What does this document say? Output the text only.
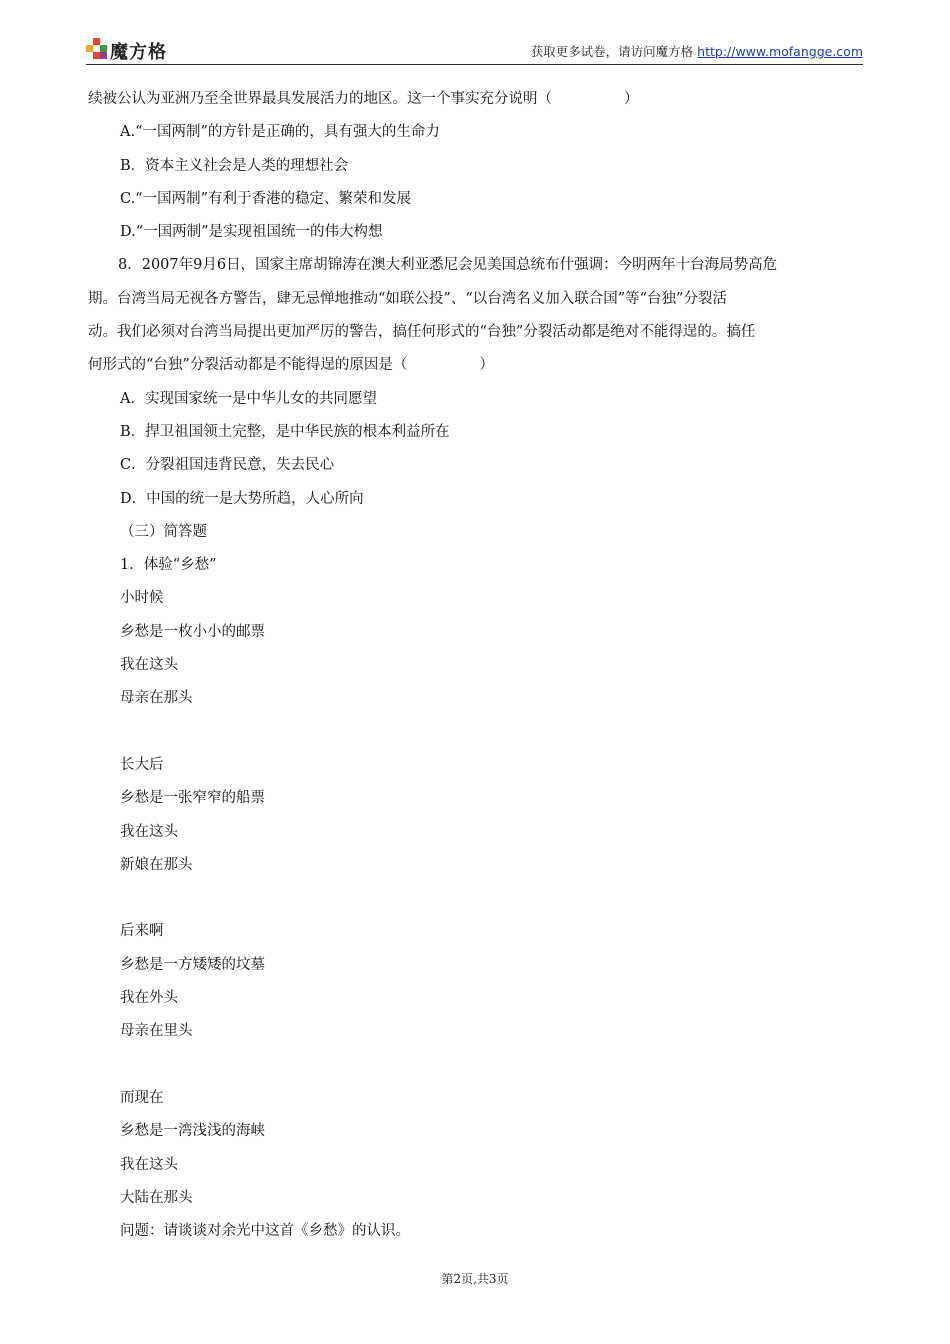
魔方格	获取更多试卷，请访问魔方格 http://www.mofangge.com
续被公认为亚洲乃至全世界最具发展活力的地区。这一个事实充分说明（	）
A.“一国两制”的方针是正确的，具有强大的生命力
B．资本主义社会是人类的理想社会
C.“一国两制”有利于香港的稳定、繁荣和发展
D.“一国两制”是实现祖国统一的伟大构想
8．2007年9月6日，国家主席胡锦涛在澳大利亚悉尼会见美国总统布什强调：今明两年十台海局势高危
期。台湾当局无视各方警告，肆无忌惮地推动“如联公投”、“以台湾名义加入联合国”等“台独”分裂活
动。我们必须对台湾当局提出更加严厉的警告，搞任何形式的“台独”分裂活动都是绝对不能得逞的。搞任
何形式的“台独”分裂活动都是不能得逞的原因是（	）
A．实现国家统一是中华儿女的共同愿望
B．捍卫祖国领土完整，是中华民族的根本利益所在
C．分裂祖国违背民意，失去民心
D．中国的统一是大势所趋，人心所向
（三）简答题
1．体验“乡愁”
小时候
乡愁是一枚小小的邮票
我在这头
母亲在那头
长大后
乡愁是一张窄窄的船票
我在这头
新娘在那头
后来啊
乡愁是一方矮矮的坟墓
我在外头
母亲在里头
而现在
乡愁是一湾浅浅的海峡
我在这头
大陆在那头
问题：请谈谈对余光中这首《乡愁》的认识。
第2页,共3页
